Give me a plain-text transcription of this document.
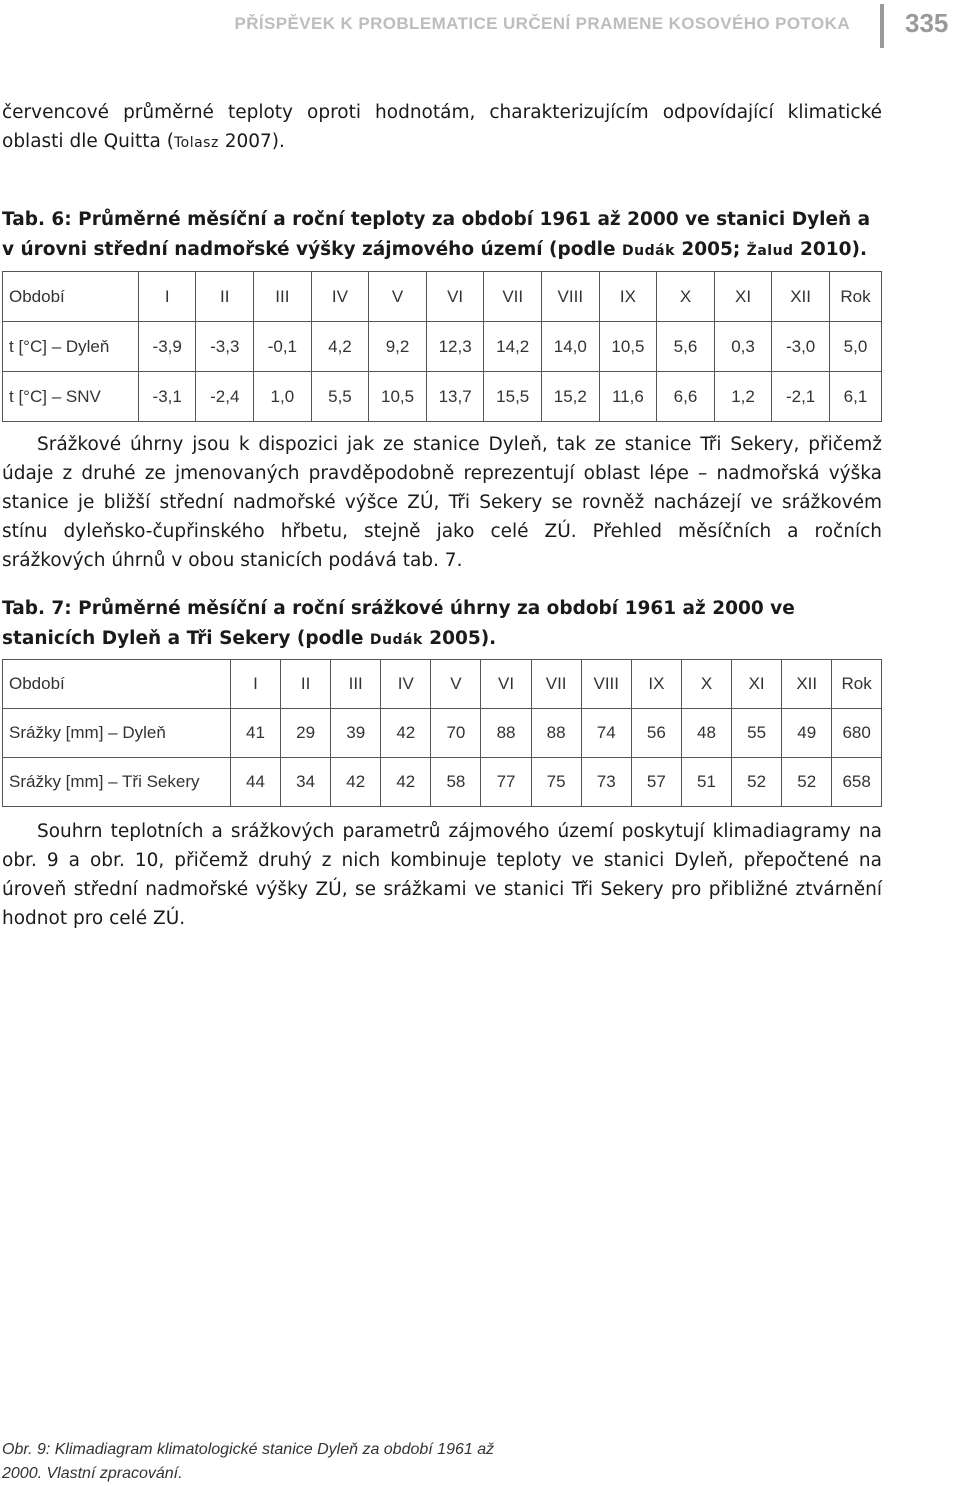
PŘÍSPĚVEK K PROBLEMATICE URČENÍ PRAMENE KOSOVÉHO POTOKA 335

červencové průměrné teploty oproti hodnotám, charakterizujícím odpovídající klimatické oblasti dle Quitta (Tolasz 2007).

Tab. 6: Průměrné měsíční a roční teploty za období 1961 až 2000 ve stanici Dyleň a v úrovni střední nadmořské výšky zájmového území (podle Dudák 2005; Žalud 2010).

Období	I	II	III	IV	V	VI	VII	VIII	IX	X	XI	XII	Rok
t [°C] – Dyleň	-3,9	-3,3	-0,1	4,2	9,2	12,3	14,2	14,0	10,5	5,6	0,3	-3,0	5,0
t [°C] – SNV	-3,1	-2,4	1,0	5,5	10,5	13,7	15,5	15,2	11,6	6,6	1,2	-2,1	6,1

Srážkové úhrny jsou k dispozici jak ze stanice Dyleň, tak ze stanice Tři Sekery, přičemž údaje z druhé ze jmenovaných pravděpodobně reprezentují oblast lépe – nadmořská výška stanice je bližší střední nadmořské výšce ZÚ, Tři Sekery se rovněž nacházejí ve srážkovém stínu dyleňsko-čupřinského hřbetu, stejně jako celé ZÚ. Přehled měsíčních a ročních srážkových úhrnů v obou stanicích podává tab. 7.

Tab. 7: Průměrné měsíční a roční srážkové úhrny za období 1961 až 2000 ve stanicích Dyleň a Tři Sekery (podle Dudák 2005).

Období	I	II	III	IV	V	VI	VII	VIII	IX	X	XI	XII	Rok
Srážky [mm] – Dyleň	41	29	39	42	70	88	88	74	56	48	55	49	680
Srážky [mm] – Tři Sekery	44	34	42	42	58	77	75	73	57	51	52	52	658

Souhrn teplotních a srážkových parametrů zájmového území poskytují klimadiagramy na obr. 9 a obr. 10, přičemž druhý z nich kombinuje teploty ve stanici Dyleň, přepočtené na úroveň střední nadmořské výšky ZÚ, se srážkami ve stanici Tři Sekery pro přibližné ztvárnění hodnot pro celé ZÚ.

Obr. 9: Klimadiagram klimatologické stanice Dyleň za období 1961 až 2000. Vlastní zpracování.
